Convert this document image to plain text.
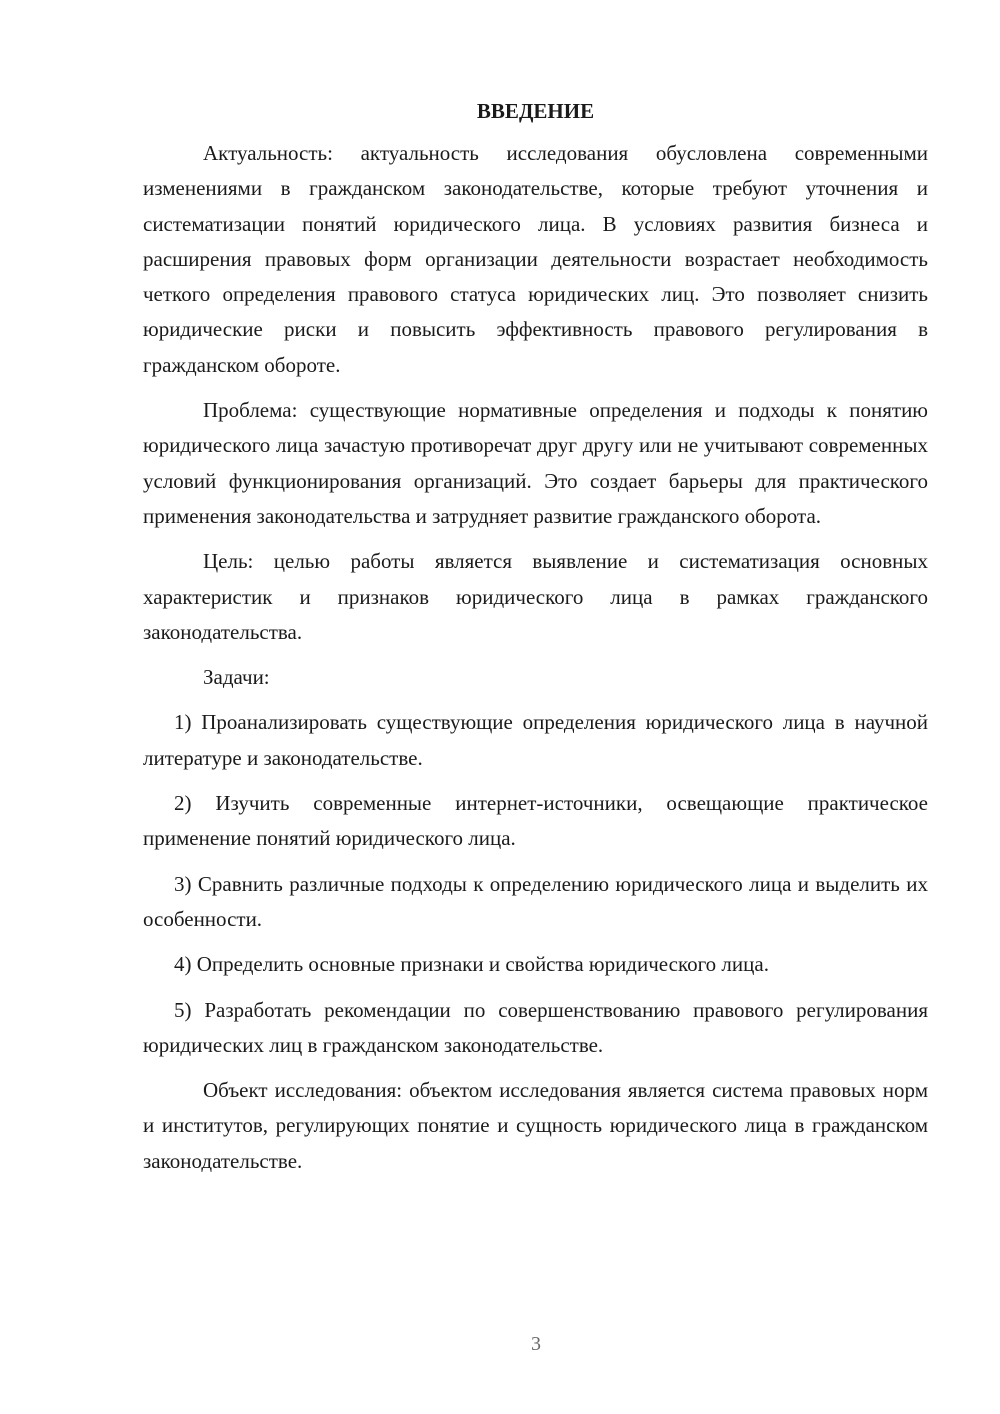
ВВЕДЕНИЕ

Актуальность: актуальность исследования обусловлена современными изменениями в гражданском законодательстве, которые требуют уточнения и систематизации понятий юридического лица. В условиях развития бизнеса и расширения правовых форм организации деятельности возрастает необходимость четкого определения правового статуса юридических лиц. Это позволяет снизить юридические риски и повысить эффективность правового регулирования в гражданском обороте.

Проблема: существующие нормативные определения и подходы к понятию юридического лица зачастую противоречат друг другу или не учитывают современных условий функционирования организаций. Это создает барьеры для практического применения законодательства и затрудняет развитие гражданского оборота.

Цель: целью работы является выявление и систематизация основных характеристик и признаков юридического лица в рамках гражданского законодательства.

Задачи:

1) Проанализировать существующие определения юридического лица в научной литературе и законодательстве.

2) Изучить современные интернет-источники, освещающие практическое применение понятий юридического лица.

3) Сравнить различные подходы к определению юридического лица и выделить их особенности.

4) Определить основные признаки и свойства юридического лица.

5) Разработать рекомендации по совершенствованию правового регулирования юридических лиц в гражданском законодательстве.

Объект исследования: объектом исследования является система правовых норм и институтов, регулирующих понятие и сущность юридического лица в гражданском законодательстве.

3
